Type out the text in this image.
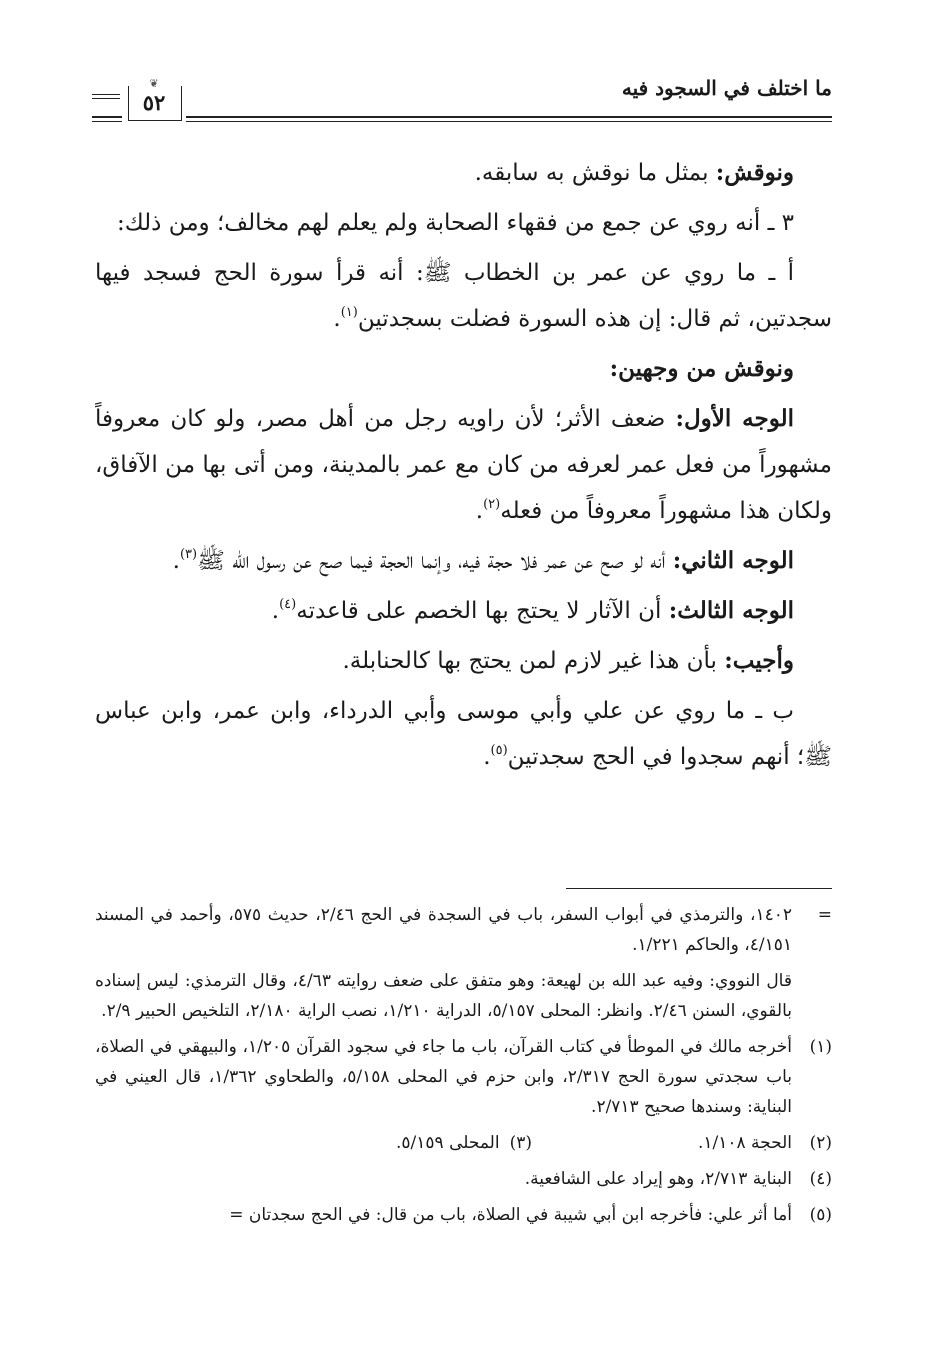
ما اختلف في السجود فيه
❦
٥٢

ونوقش: بمثل ما نوقش به سابقه.

٣ ـ أنه روي عن جمع من فقهاء الصحابة ولم يعلم لهم مخالف؛ ومن ذلك:

أ ـ ما روي عن عمر بن الخطاب ﷺ: أنه قرأ سورة الحج فسجد فيها سجدتين، ثم قال: إن هذه السورة فضلت بسجدتين$^{(١)}$.

ونوقش من وجهين:

الوجه الأول: ضعف الأثر؛ لأن راويه رجل من أهل مصر، ولو كان معروفاً مشهوراً من فعل عمر لعرفه من كان مع عمر بالمدينة، ومن أتى بها من الآفاق، ولكان هذا مشهوراً معروفاً من فعله$^{(٢)}$.

الوجه الثاني: أنه لو صح عن عمر فلا حجة فيه، وإنما الحجة فيما صح عن رسول الله ﷺ$^{(٣)}$.

الوجه الثالث: أن الآثار لا يحتج بها الخصم على قاعدته$^{(٤)}$.

وأجيب: بأن هذا غير لازم لمن يحتج بها كالحنابلة.

ب ـ ما روي عن علي وأبي موسى وأبي الدرداء، وابن عمر، وابن عباس ﷺ؛ أنهم سجدوا في الحج سجدتين$^{(٥)}$.

=
١٤٠٢، والترمذي في أبواب السفر، باب في السجدة في الحج ٢/٤٦، حديث ٥٧٥، وأحمد في المسند ٤/١٥١، والحاكم ١/٢٢١.
قال النووي: وفيه عبد الله بن لهيعة: وهو متفق على ضعف روايته ٤/٦٣، وقال الترمذي: ليس إسناده بالقوي، السنن ٢/٤٦. وانظر: المحلى ٥/١٥٧، الدراية ١/٢١٠، نصب الراية ٢/١٨٠، التلخيص الحبير ٢/٩.
(١)
أخرجه مالك في الموطأ في كتاب القرآن، باب ما جاء في سجود القرآن ١/٢٠٥، والبيهقي في الصلاة، باب سجدتي سورة الحج ٢/٣١٧، وابن حزم في المحلى ٥/١٥٨، والطحاوي ١/٣٦٢، قال العيني في البناية: وسندها صحيح ٢/٧١٣.
(٢)
الحجة ١/١٠٨.
(٣)المحلى ٥/١٥٩.
(٤)
البناية ٢/٧١٣، وهو إيراد على الشافعية.
(٥)
أما أثر علي: فأخرجه ابن أبي شيبة في الصلاة، باب من قال: في الحج سجدتان =
